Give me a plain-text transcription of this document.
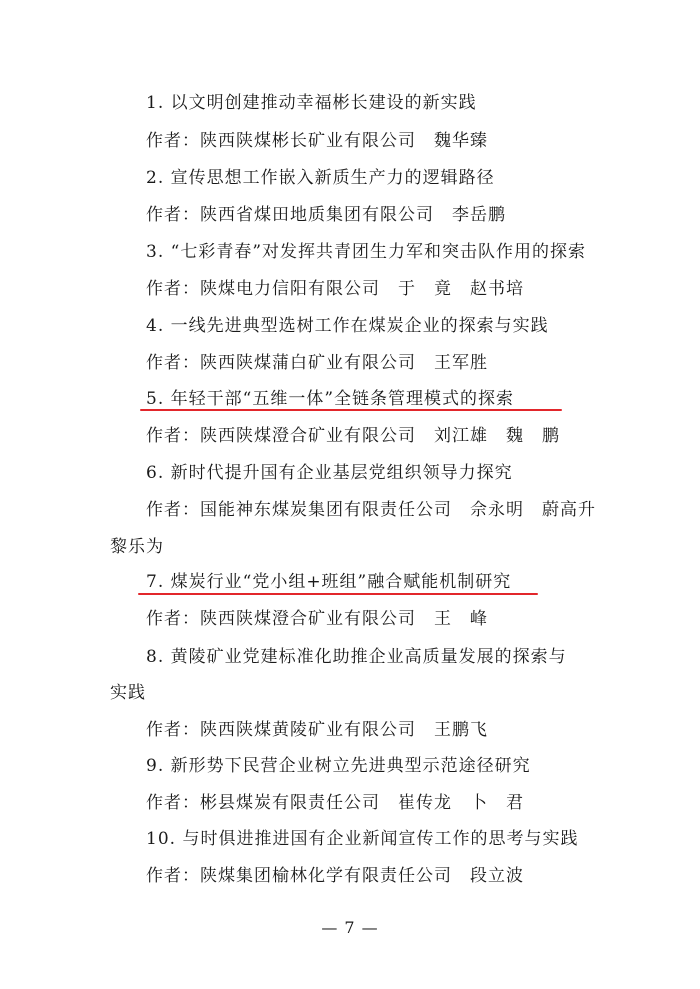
1. 以文明创建推动幸福彬长建设的新实践
作者：陕西陕煤彬长矿业有限公司　魏华臻
2. 宣传思想工作嵌入新质生产力的逻辑路径
作者：陕西省煤田地质集团有限公司　李岳鹏
3. “七彩青春”对发挥共青团生力军和突击队作用的探索
作者：陕煤电力信阳有限公司　于　竟　赵书培
4. 一线先进典型选树工作在煤炭企业的探索与实践
作者：陕西陕煤蒲白矿业有限公司　王军胜
5. 年轻干部“五维一体”全链条管理模式的探索
作者：陕西陕煤澄合矿业有限公司　刘江雄　魏　鹏
6. 新时代提升国有企业基层党组织领导力探究
作者：国能神东煤炭集团有限责任公司　佘永明　蔚高升
黎乐为
7. 煤炭行业“党小组+班组”融合赋能机制研究
作者：陕西陕煤澄合矿业有限公司　王　峰
8. 黄陵矿业党建标准化助推企业高质量发展的探索与
实践
作者：陕西陕煤黄陵矿业有限公司　王鹏飞
9. 新形势下民营企业树立先进典型示范途径研究
作者：彬县煤炭有限责任公司　崔传龙　卜　君
10. 与时俱进推进国有企业新闻宣传工作的思考与实践
作者：陕煤集团榆林化学有限责任公司　段立波
— 7 —
